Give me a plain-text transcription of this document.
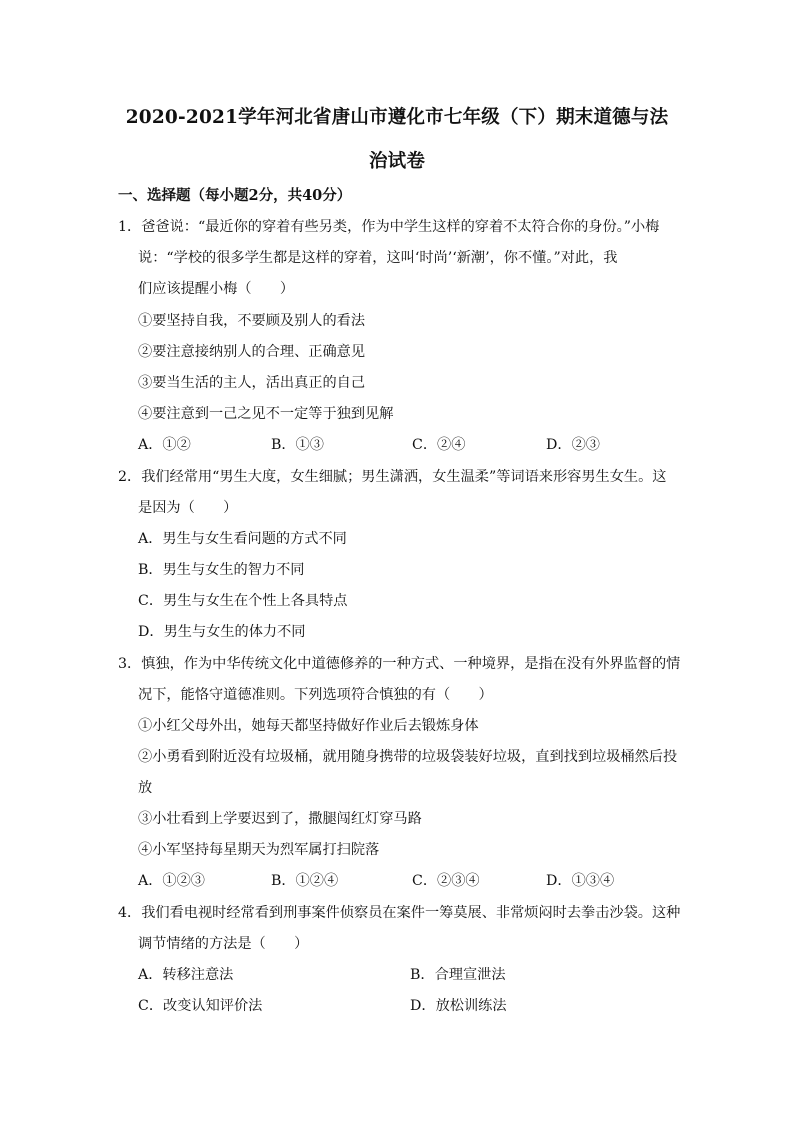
2020-2021学年河北省唐山市遵化市七年级（下）期末道德与法
治试卷
一、选择题（每小题2分，共40分）
1．爸爸说：“最近你的穿着有些另类，作为中学生这样的穿着不太符合你的身份。”小梅
说：“学校的很多学生都是这样的穿着，这叫‘时尚’‘新潮’，你不懂。”对此，我
们应该提醒小梅（　　）
①要坚持自我，不要顾及别人的看法
②要注意接纳别人的合理、正确意见
③要当生活的主人，活出真正的自己
④要注意到一己之见不一定等于独到见解
A．①②	B．①③	C．②④	D．②③
2．我们经常用“男生大度，女生细腻；男生潇洒，女生温柔”等词语来形容男生女生。这
是因为（　　）
A．男生与女生看问题的方式不同
B．男生与女生的智力不同
C．男生与女生在个性上各具特点
D．男生与女生的体力不同
3．慎独，作为中华传统文化中道德修养的一种方式、一种境界，是指在没有外界监督的情
况下，能恪守道德准则。下列选项符合慎独的有（　　）
①小红父母外出，她每天都坚持做好作业后去锻炼身体
②小勇看到附近没有垃圾桶，就用随身携带的垃圾袋装好垃圾，直到找到垃圾桶然后投
放
③小壮看到上学要迟到了，撒腿闯红灯穿马路
④小军坚持每星期天为烈军属打扫院落
A．①②③	B．①②④	C．②③④	D．①③④
4．我们看电视时经常看到刑事案件侦察员在案件一筹莫展、非常烦闷时去拳击沙袋。这种
调节情绪的方法是（　　）
A．转移注意法	B．合理宣泄法
C．改变认知评价法	D．放松训练法
